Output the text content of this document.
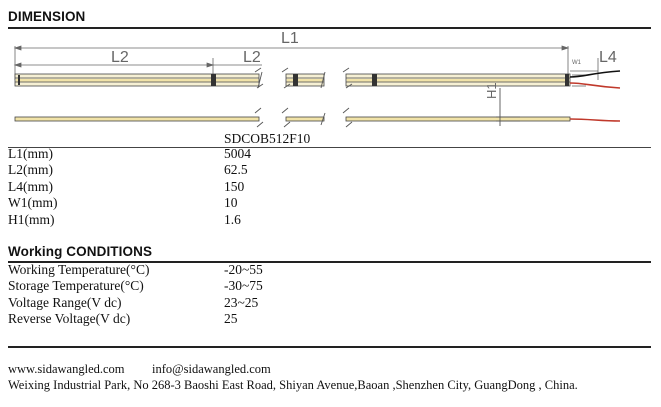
DIMENSION
L1
L2	L2	L4
W1
H1
SDCOB512F10
L1(mm)	5004
L2(mm)	62.5
L4(mm)	150
W1(mm)	10
H1(mm)	1.6
Working CONDITIONS
Working Temperature(°C)	-20~55
Storage Temperature(°C)	-30~75
Voltage Range(V dc)	23~25
Reverse Voltage(V dc)	25
www.sidawangled.com info@sidawangled.com
Weixing Industrial Park, No 268-3 Baoshi East Road, Shiyan Avenue,Baoan ,Shenzhen City, GuangDong , China.
